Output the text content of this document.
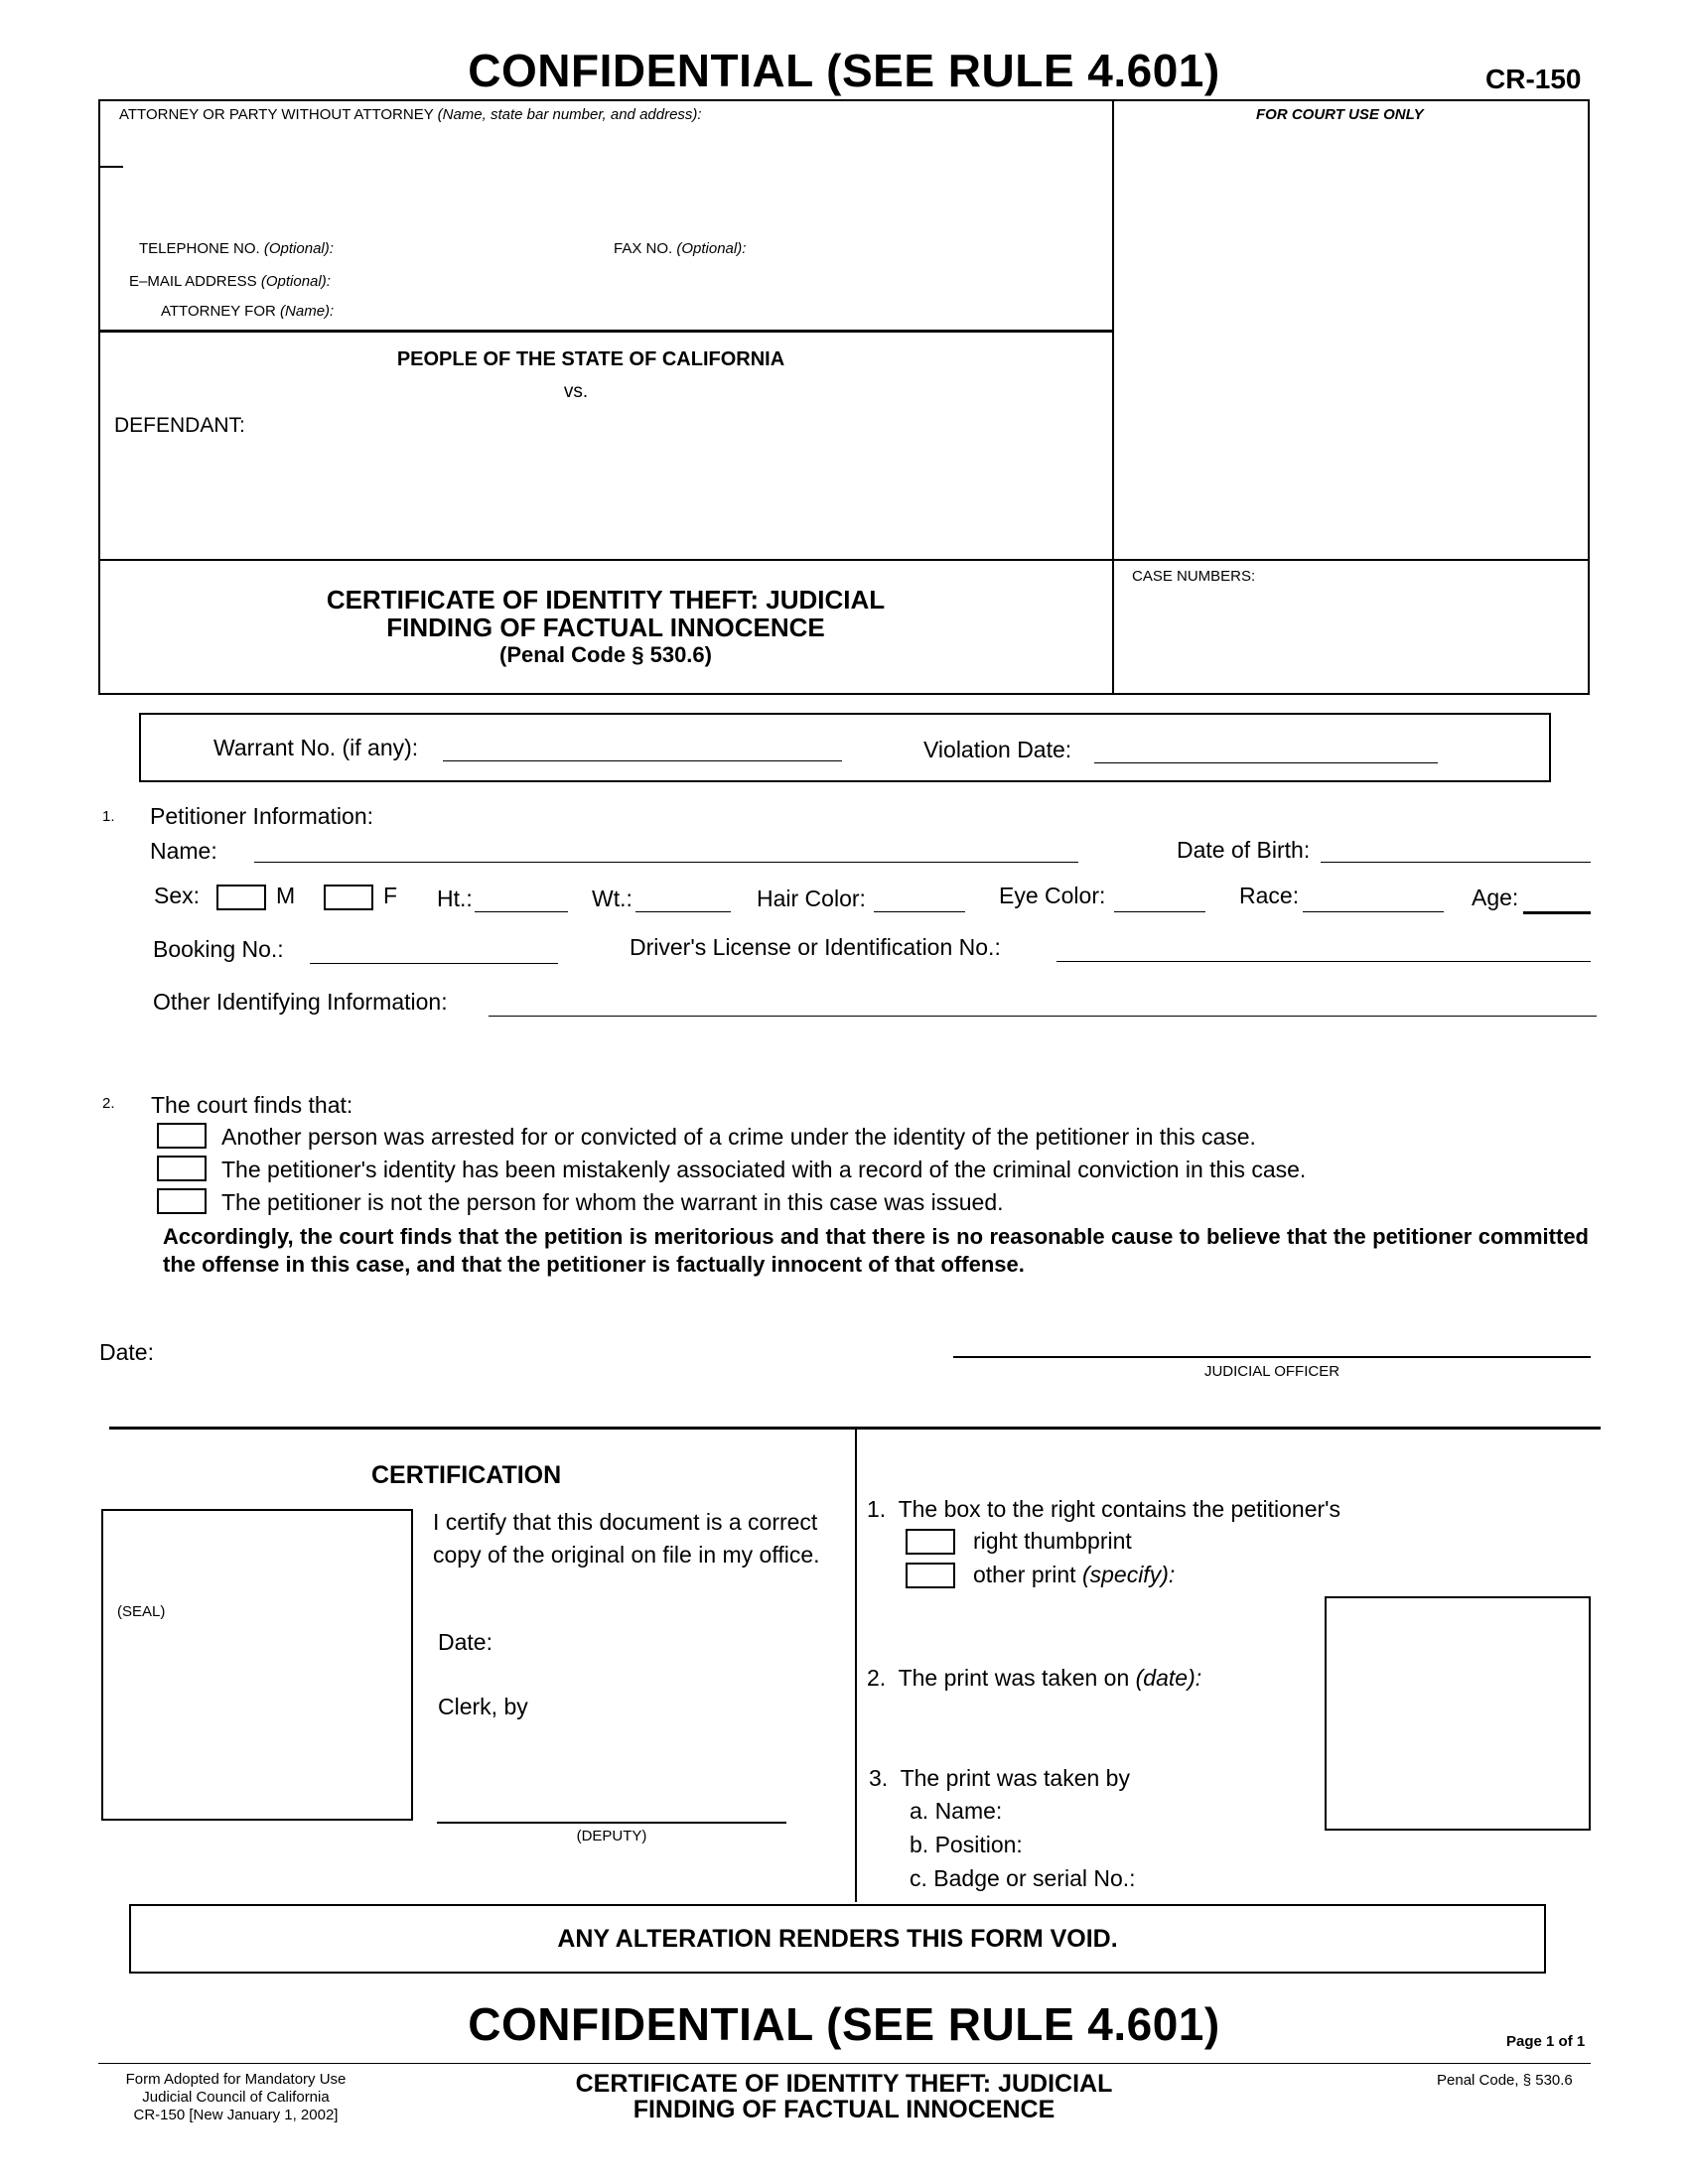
CONFIDENTIAL (SEE RULE 4.601)	CR-150
ATTORNEY OR PARTY WITHOUT ATTORNEY (Name, state bar number, and address):	FOR COURT USE ONLY
TELEPHONE NO. (Optional):	FAX NO. (Optional):
E–MAIL ADDRESS (Optional):
ATTORNEY FOR (Name):
PEOPLE OF THE STATE OF CALIFORNIA
vs.
DEFENDANT:
CERTIFICATE OF IDENTITY THEFT: JUDICIAL
FINDING OF FACTUAL INNOCENCE
(Penal Code § 530.6)
CASE NUMBERS:
Warrant No. (if any):	Violation Date:
1. Petitioner Information:
Name:	Date of Birth:
Sex:	M	F Ht.:	Wt.:	Hair Color:	Eye Color:	Race:	Age:
Booking No.:	Driver's License or Identification No.:
Other Identifying Information:
2. The court finds that:
Another person was arrested for or convicted of a crime under the identity of the petitioner in this case.
The petitioner's identity has been mistakenly associated with a record of the criminal conviction in this case.
The petitioner is not the person for whom the warrant in this case was issued.
Accordingly, the court finds that the petition is meritorious and that there is no reasonable cause to believe that the petitioner committed the offense in this case, and that the petitioner is factually innocent of that offense.
Date:
JUDICIAL OFFICER
CERTIFICATION
(SEAL)
I certify that this document is a correct copy of the original on file in my office.
Date:
Clerk, by
(DEPUTY)
1. The box to the right contains the petitioner's
right thumbprint
other print (specify):
2. The print was taken on (date):
3. The print was taken by
a. Name:
b. Position:
c. Badge or serial No.:
ANY ALTERATION RENDERS THIS FORM VOID.
CONFIDENTIAL (SEE RULE 4.601)	Page 1 of 1
Form Adopted for Mandatory Use
Judicial Council of California
CR-150 [New January 1, 2002]
CERTIFICATE OF IDENTITY THEFT: JUDICIAL
FINDING OF FACTUAL INNOCENCE
Penal Code, § 530.6
